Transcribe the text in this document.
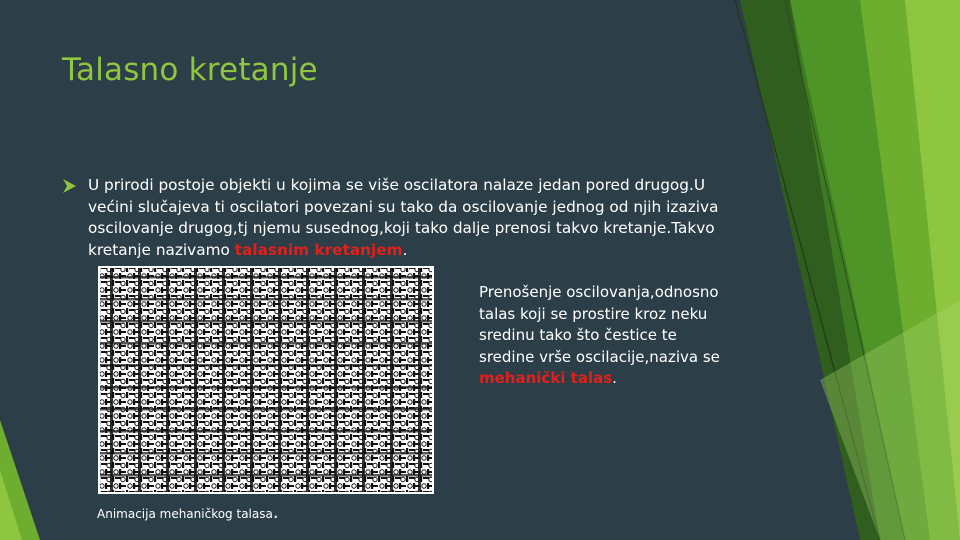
Talasno kretanje
U prirodi postoje objekti u kojima se više oscilatora nalaze jedan pored drugog.U većini slučajeva ti oscilatori povezani su tako da oscilovanje jednog od njih izaziva oscilovanje drugog,tj njemu susednog,koji tako dalje prenosi takvo kretanje.Takvo kretanje nazivamo talasnim kretanjem.
Animacija mehaničkog talasa.
Prenošenje oscilovanja,odnosno talas koji se prostire kroz neku sredinu tako što čestice te sredine vrše oscilacije,naziva se mehanički talas.
